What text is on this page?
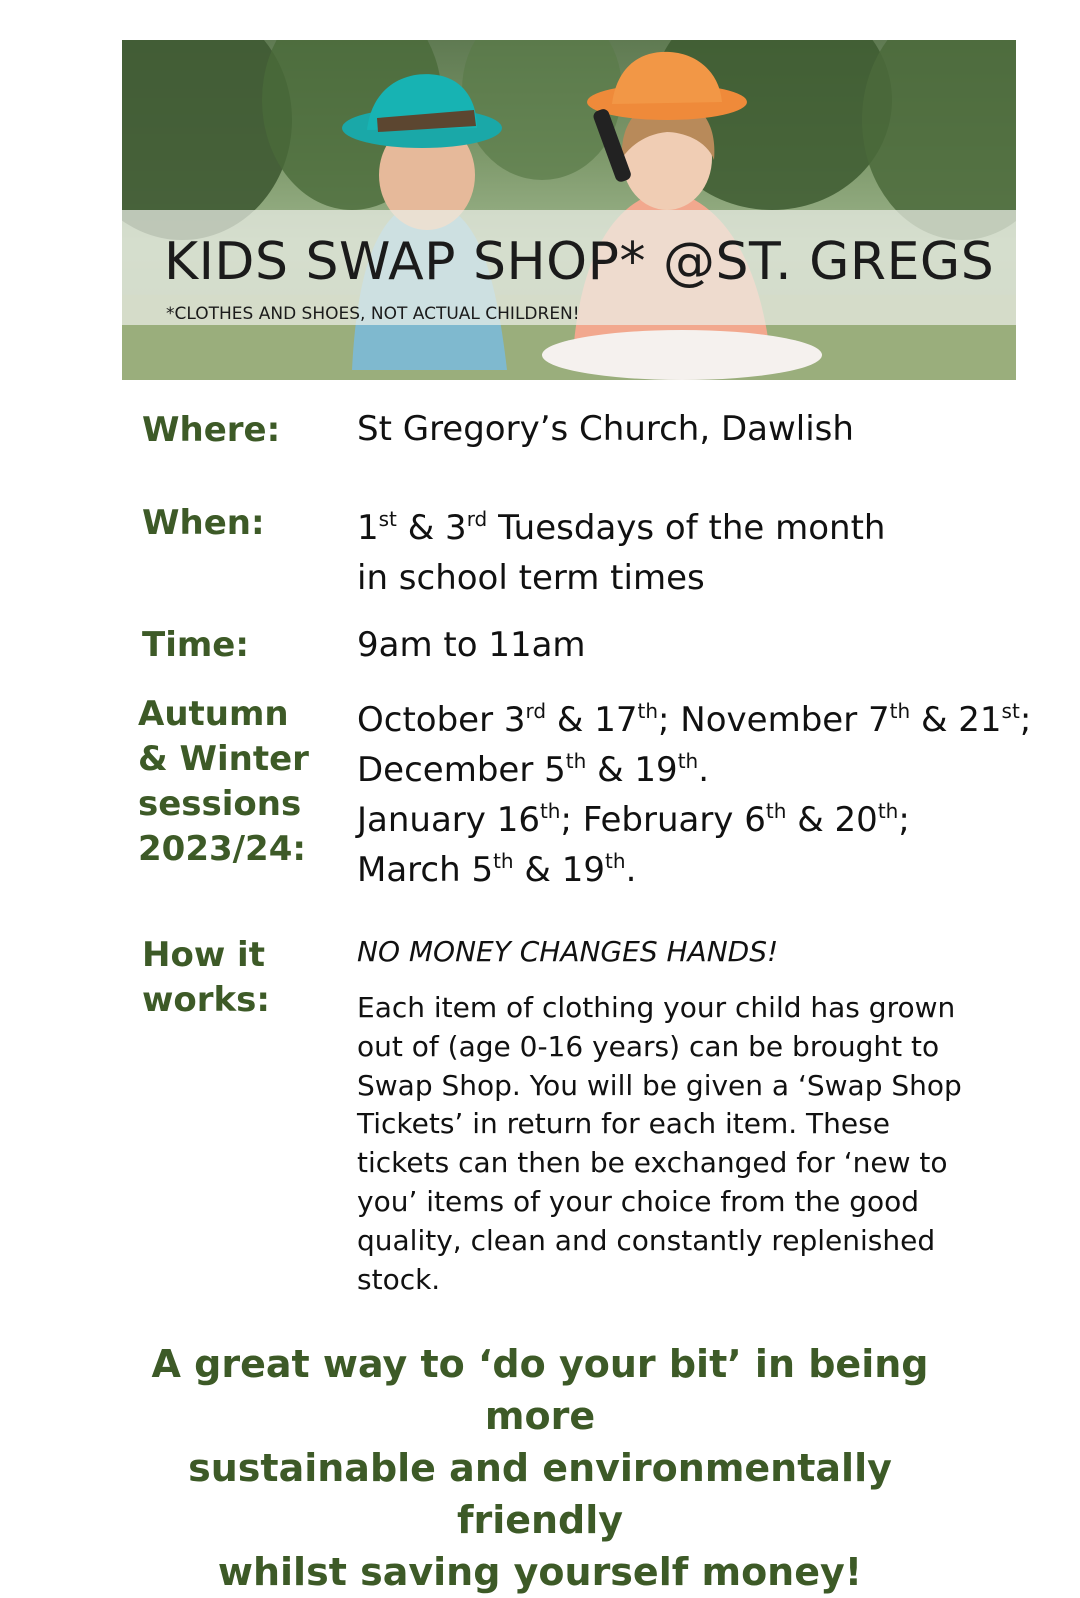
KIDS SWAP SHOP* @ST. GREGS
*CLOTHES AND SHOES, NOT ACTUAL CHILDREN!
Where: St Gregory’s Church, Dawlish
When:	1st & 3rd Tuesdays of the month
in school term times
Time:	9am to 11am
Autumn
& Winter
sessions
2023/24:
October 3rd & 17th; November 7th & 21st;
December 5th & 19th.
January 16th; February 6th & 20th;
March 5th & 19th.
How it
works:
NO MONEY CHANGES HANDS!
Each item of clothing your child has grown
out of (age 0-16 years) can be brought to
Swap Shop. You will be given a ‘Swap Shop
Tickets’ in return for each item. These
tickets can then be exchanged for ‘new to
you’ items of your choice from the good
quality, clean and constantly replenished
stock.
A great way to ‘do your bit’ in being more
sustainable and environmentally friendly
whilst saving yourself money!
